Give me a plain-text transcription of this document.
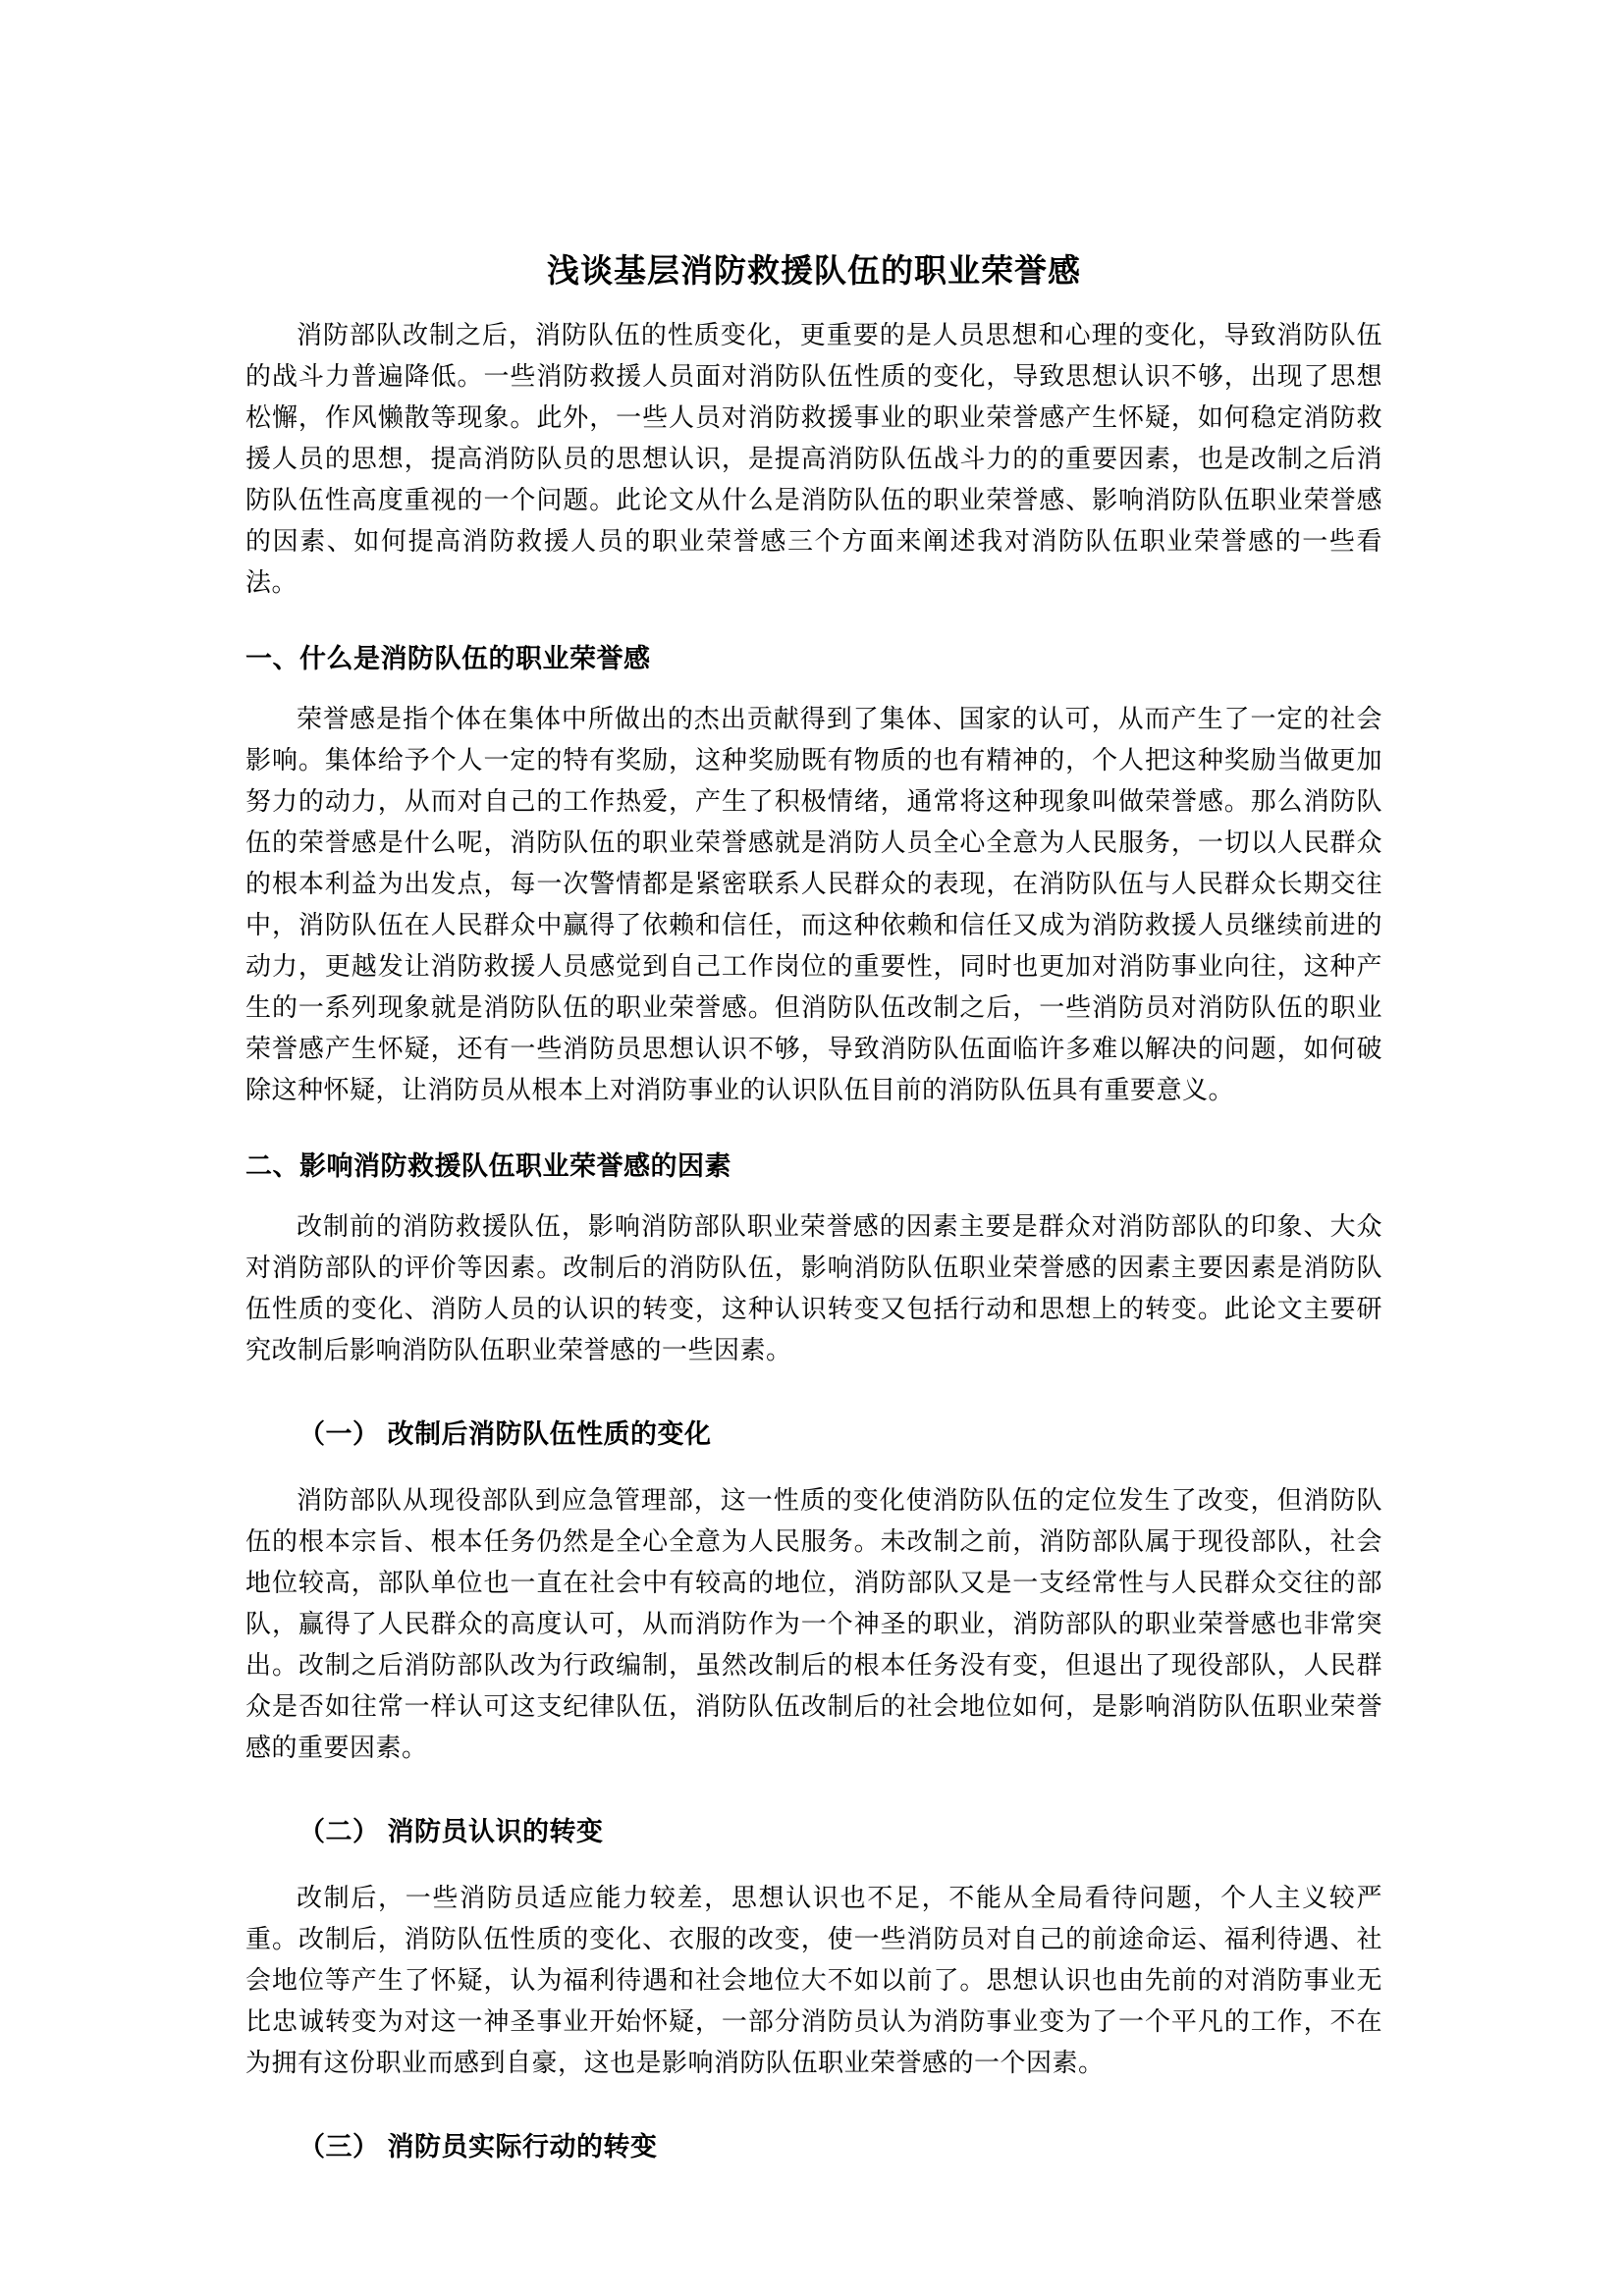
浅谈基层消防救援队伍的职业荣誉感

消防部队改制之后，消防队伍的性质变化，更重要的是人员思想和心理的变化，导致消防队伍的战斗力普遍降低。一些消防救援人员面对消防队伍性质的变化，导致思想认识不够，出现了思想松懈，作风懒散等现象。此外，一些人员对消防救援事业的职业荣誉感产生怀疑，如何稳定消防救援人员的思想，提高消防队员的思想认识，是提高消防队伍战斗力的的重要因素，也是改制之后消防队伍性高度重视的一个问题。此论文从什么是消防队伍的职业荣誉感、影响消防队伍职业荣誉感的因素、如何提高消防救援人员的职业荣誉感三个方面来阐述我对消防队伍职业荣誉感的一些看法。

一、什么是消防队伍的职业荣誉感

荣誉感是指个体在集体中所做出的杰出贡献得到了集体、国家的认可，从而产生了一定的社会影响。集体给予个人一定的特有奖励，这种奖励既有物质的也有精神的，个人把这种奖励当做更加努力的动力，从而对自己的工作热爱，产生了积极情绪，通常将这种现象叫做荣誉感。那么消防队伍的荣誉感是什么呢，消防队伍的职业荣誉感就是消防人员全心全意为人民服务，一切以人民群众的根本利益为出发点，每一次警情都是紧密联系人民群众的表现，在消防队伍与人民群众长期交往中，消防队伍在人民群众中赢得了依赖和信任，而这种依赖和信任又成为消防救援人员继续前进的动力，更越发让消防救援人员感觉到自己工作岗位的重要性，同时也更加对消防事业向往，这种产生的一系列现象就是消防队伍的职业荣誉感。但消防队伍改制之后，一些消防员对消防队伍的职业荣誉感产生怀疑，还有一些消防员思想认识不够，导致消防队伍面临许多难以解决的问题，如何破除这种怀疑，让消防员从根本上对消防事业的认识队伍目前的消防队伍具有重要意义。

二、影响消防救援队伍职业荣誉感的因素

改制前的消防救援队伍，影响消防部队职业荣誉感的因素主要是群众对消防部队的印象、大众对消防部队的评价等因素。改制后的消防队伍，影响消防队伍职业荣誉感的因素主要因素是消防队伍性质的变化、消防人员的认识的转变，这种认识转变又包括行动和思想上的转变。此论文主要研究改制后影响消防队伍职业荣誉感的一些因素。

（一） 改制后消防队伍性质的变化

消防部队从现役部队到应急管理部，这一性质的变化使消防队伍的定位发生了改变，但消防队伍的根本宗旨、根本任务仍然是全心全意为人民服务。未改制之前，消防部队属于现役部队，社会地位较高，部队单位也一直在社会中有较高的地位，消防部队又是一支经常性与人民群众交往的部队，赢得了人民群众的高度认可，从而消防作为一个神圣的职业，消防部队的职业荣誉感也非常突出。改制之后消防部队改为行政编制，虽然改制后的根本任务没有变，但退出了现役部队，人民群众是否如往常一样认可这支纪律队伍，消防队伍改制后的社会地位如何，是影响消防队伍职业荣誉感的重要因素。

（二） 消防员认识的转变

改制后，一些消防员适应能力较差，思想认识也不足，不能从全局看待问题，个人主义较严重。改制后，消防队伍性质的变化、衣服的改变，使一些消防员对自己的前途命运、福利待遇、社会地位等产生了怀疑，认为福利待遇和社会地位大不如以前了。思想认识也由先前的对消防事业无比忠诚转变为对这一神圣事业开始怀疑，一部分消防员认为消防事业变为了一个平凡的工作，不在为拥有这份职业而感到自豪，这也是影响消防队伍职业荣誉感的一个因素。

（三） 消防员实际行动的转变
